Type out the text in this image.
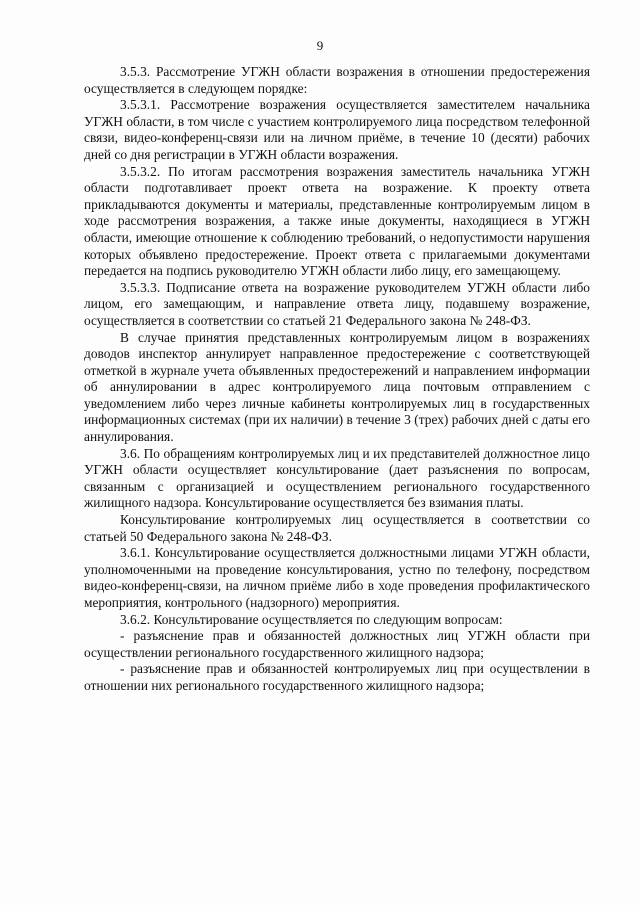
9

3.5.3. Рассмотрение УГЖН области возражения в отношении предостережения осуществляется в следующем порядке:

3.5.3.1. Рассмотрение возражения осуществляется заместителем начальника УГЖН области, в том числе с участием контролируемого лица посредством телефонной связи, видео-конференц-связи или на личном приёме, в течение 10 (десяти) рабочих дней со дня регистрации в УГЖН области возражения.

3.5.3.2. По итогам рассмотрения возражения заместитель начальника УГЖН области подготавливает проект ответа на возражение. К проекту ответа прикладываются документы и материалы, представленные контролируемым лицом в ходе рассмотрения возражения, а также иные документы, находящиеся в УГЖН области, имеющие отношение к соблюдению требований, о недопустимости нарушения которых объявлено предостережение. Проект ответа с прилагаемыми документами передается на подпись руководителю УГЖН области либо лицу, его замещающему.

3.5.3.3. Подписание ответа на возражение руководителем УГЖН области либо лицом, его замещающим, и направление ответа лицу, подавшему возражение, осуществляется в соответствии со статьей 21 Федерального закона № 248-ФЗ.

В случае принятия представленных контролируемым лицом в возражениях доводов инспектор аннулирует направленное предостережение с соответствующей отметкой в журнале учета объявленных предостережений и направлением информации об аннулировании в адрес контролируемого лица почтовым отправлением с уведомлением либо через личные кабинеты контролируемых лиц в государственных информационных системах (при их наличии) в течение 3 (трех) рабочих дней с даты его аннулирования.

3.6. По обращениям контролируемых лиц и их представителей должностное лицо УГЖН области осуществляет консультирование (дает разъяснения по вопросам, связанным с организацией и осуществлением регионального государственного жилищного надзора. Консультирование осуществляется без взимания платы.

Консультирование контролируемых лиц осуществляется в соответствии со статьей 50 Федерального закона № 248-ФЗ.

3.6.1. Консультирование осуществляется должностными лицами УГЖН области, уполномоченными на проведение консультирования, устно по телефону, посредством видео-конференц-связи, на личном приёме либо в ходе проведения профилактического мероприятия, контрольного (надзорного) мероприятия.

3.6.2. Консультирование осуществляется по следующим вопросам:

- разъяснение прав и обязанностей должностных лиц УГЖН области при осуществлении регионального государственного жилищного надзора;

- разъяснение прав и обязанностей контролируемых лиц при осуществлении в отношении них регионального государственного жилищного надзора;
